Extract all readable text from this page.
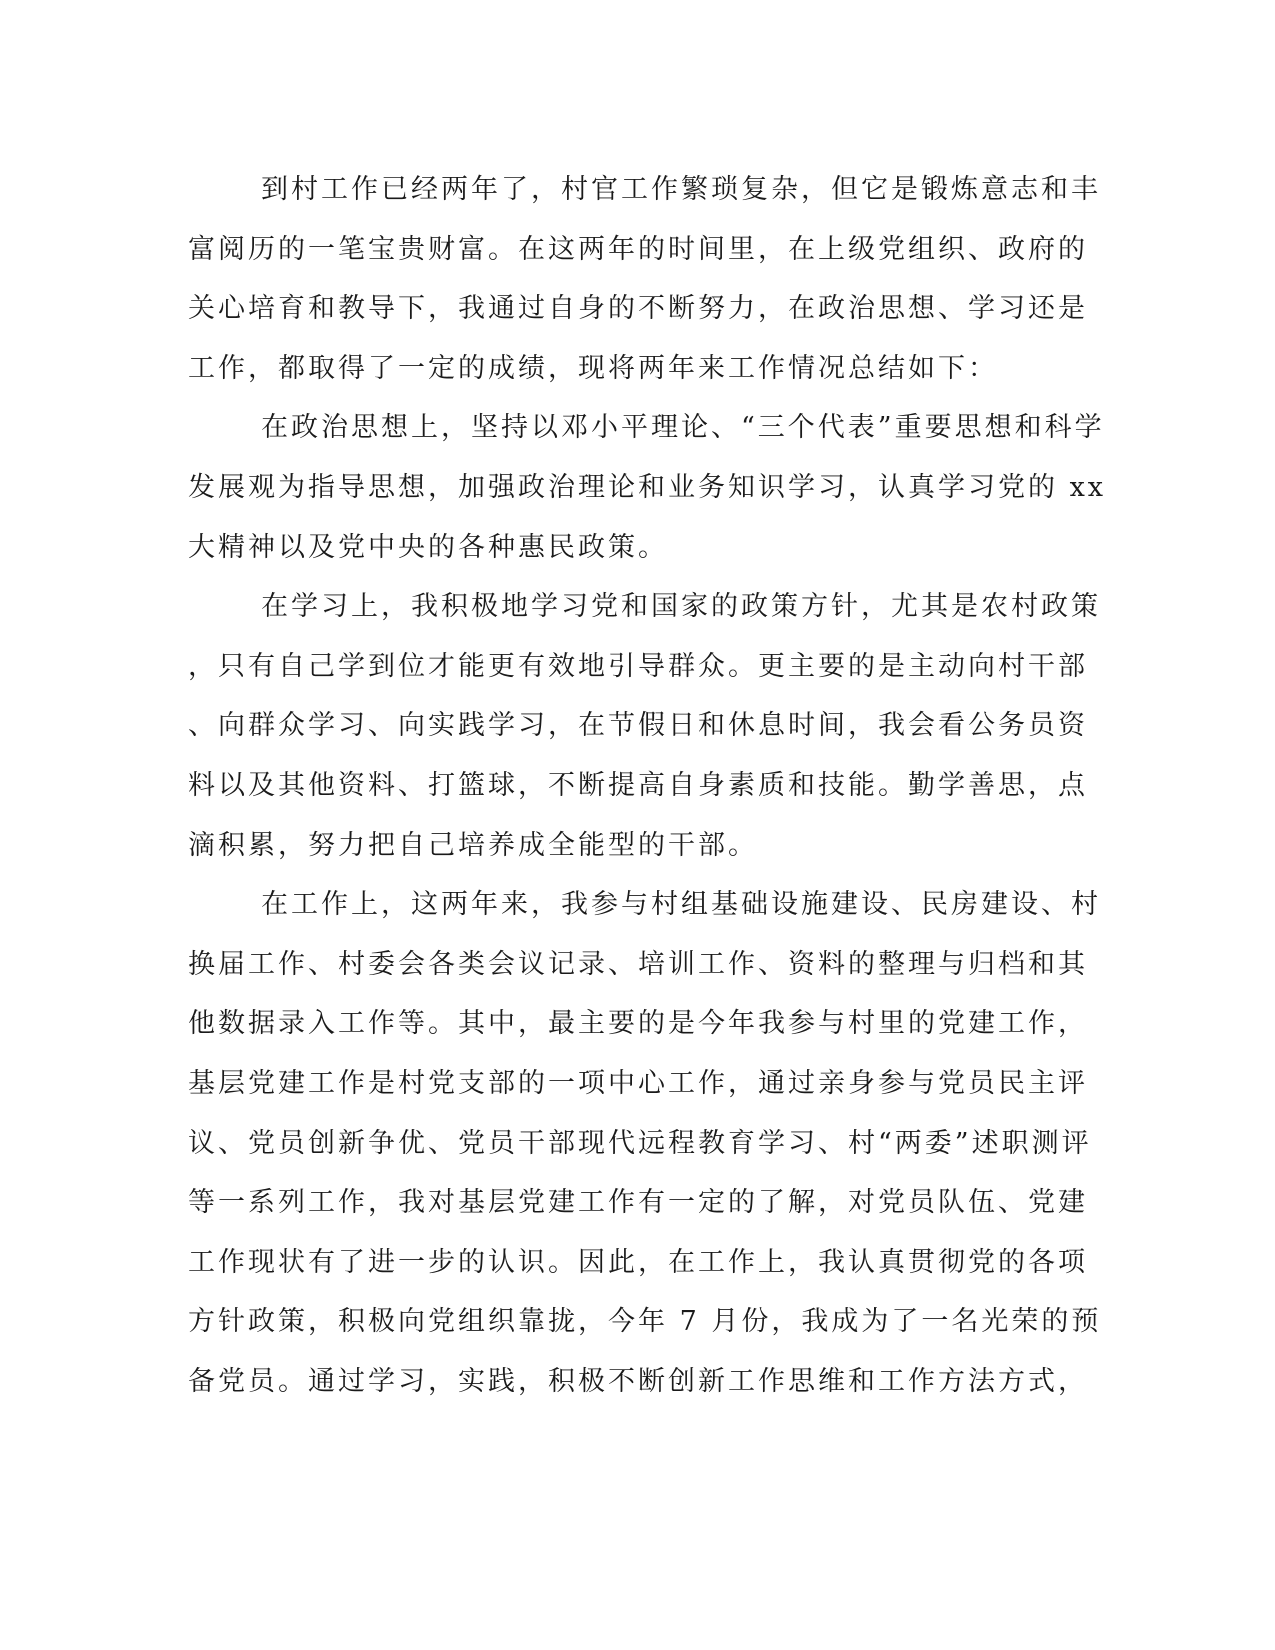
到村工作已经两年了，村官工作繁琐复杂，但它是锻炼意志和丰
富阅历的一笔宝贵财富。在这两年的时间里，在上级党组织、政府的
关心培育和教导下，我通过自身的不断努力，在政治思想、学习还是
工作，都取得了一定的成绩，现将两年来工作情况总结如下：
在政治思想上，坚持以邓小平理论、“三个代表”重要思想和科学
发展观为指导思想，加强政治理论和业务知识学习，认真学习党的 xx
大精神以及党中央的各种惠民政策。
在学习上，我积极地学习党和国家的政策方针，尤其是农村政策
，只有自己学到位才能更有效地引导群众。更主要的是主动向村干部
、向群众学习、向实践学习，在节假日和休息时间，我会看公务员资
料以及其他资料、打篮球，不断提高自身素质和技能。勤学善思，点
滴积累，努力把自己培养成全能型的干部。
在工作上，这两年来，我参与村组基础设施建设、民房建设、村
换届工作、村委会各类会议记录、培训工作、资料的整理与归档和其
他数据录入工作等。其中，最主要的是今年我参与村里的党建工作，
基层党建工作是村党支部的一项中心工作，通过亲身参与党员民主评
议、党员创新争优、党员干部现代远程教育学习、村“两委”述职测评
等一系列工作，我对基层党建工作有一定的了解，对党员队伍、党建
工作现状有了进一步的认识。因此，在工作上，我认真贯彻党的各项
方针政策，积极向党组织靠拢，今年 7 月份，我成为了一名光荣的预
备党员。通过学习，实践，积极不断创新工作思维和工作方法方式，
